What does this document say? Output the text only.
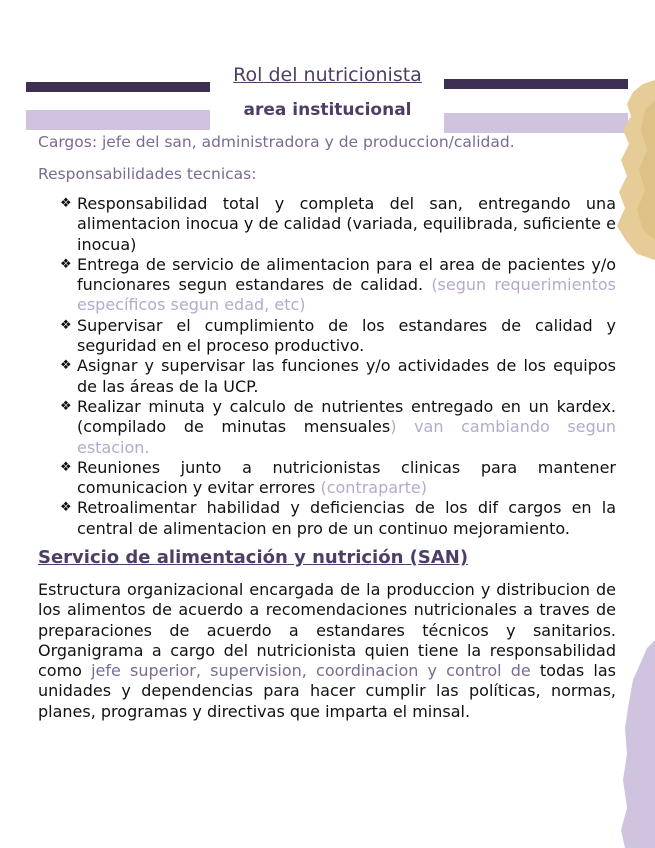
Rol del nutricionista
area institucional
Cargos: jefe del san, administradora y de produccion/calidad.
Responsabilidades tecnicas:
❖ Responsabilidad total y completa del san, entregando una alimentacion inocua y de calidad (variada, equilibrada, suficiente e inocua)
❖ Entrega de servicio de alimentacion para el area de pacientes y/o funcionares segun estandares de calidad. (segun requerimientos específicos segun edad, etc)
❖ Supervisar el cumplimiento de los estandares de calidad y seguridad en el proceso productivo.
❖ Asignar y supervisar las funciones y/o actividades de los equipos de las áreas de la UCP.
❖ Realizar minuta y calculo de nutrientes entregado en un kardex. (compilado de minutas mensuales) van cambiando segun estacion.
❖ Reuniones junto a nutricionistas clinicas para mantener comunicacion y evitar errores (contraparte)
❖ Retroalimentar habilidad y deficiencias de los dif cargos en la central de alimentacion en pro de un continuo mejoramiento.
Servicio de alimentación y nutrición (SAN)

Estructura organizacional encargada de la produccion y distribucion de los alimentos de acuerdo a recomendaciones nutricionales a traves de preparaciones de acuerdo a estandares técnicos y sanitarios. Organigrama a cargo del nutricionista quien tiene la responsabilidad como jefe superior, supervision, coordinacion y control de todas las unidades y dependencias para hacer cumplir las políticas, normas, planes, programas y directivas que imparta el minsal.
